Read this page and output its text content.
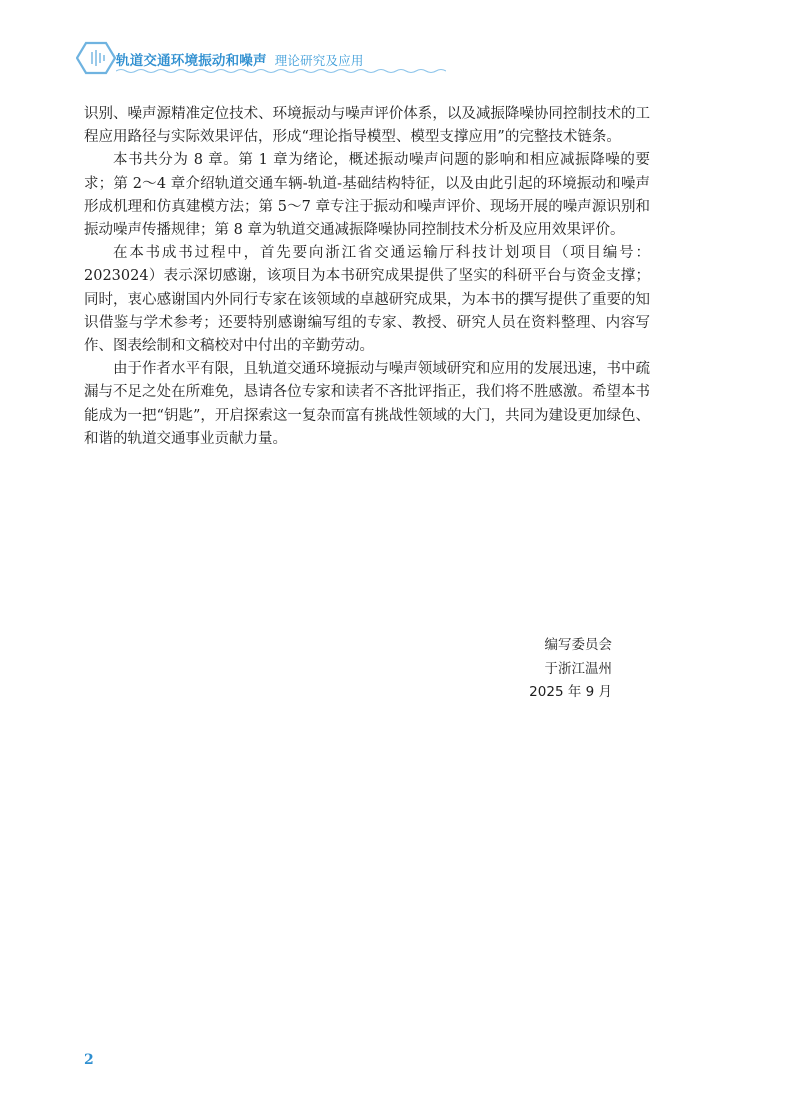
轨道交通环境振动和噪声 理论研究及应用

识别、噪声源精准定位技术、环境振动与噪声评价体系，以及减振降噪协同控制技术的工程应用路径与实际效果评估，形成“理论指导模型、模型支撑应用”的完整技术链条。

本书共分为 8 章。第 1 章为绪论，概述振动噪声问题的影响和相应减振降噪的要求；第 2～4 章介绍轨道交通车辆-轨道-基础结构特征，以及由此引起的环境振动和噪声形成机理和仿真建模方法；第 5～7 章专注于振动和噪声评价、现场开展的噪声源识别和振动噪声传播规律；第 8 章为轨道交通减振降噪协同控制技术分析及应用效果评价。

在本书成书过程中，首先要向浙江省交通运输厅科技计划项目（项目编号：2023024）表示深切感谢，该项目为本书研究成果提供了坚实的科研平台与资金支撑；同时，衷心感谢国内外同行专家在该领域的卓越研究成果，为本书的撰写提供了重要的知识借鉴与学术参考；还要特别感谢编写组的专家、教授、研究人员在资料整理、内容写作、图表绘制和文稿校对中付出的辛勤劳动。

由于作者水平有限，且轨道交通环境振动与噪声领域研究和应用的发展迅速，书中疏漏与不足之处在所难免，恳请各位专家和读者不吝批评指正，我们将不胜感激。希望本书能成为一把“钥匙”，开启探索这一复杂而富有挑战性领域的大门，共同为建设更加绿色、和谐的轨道交通事业贡献力量。

编写委员会
于浙江温州
2025 年 9 月
2
